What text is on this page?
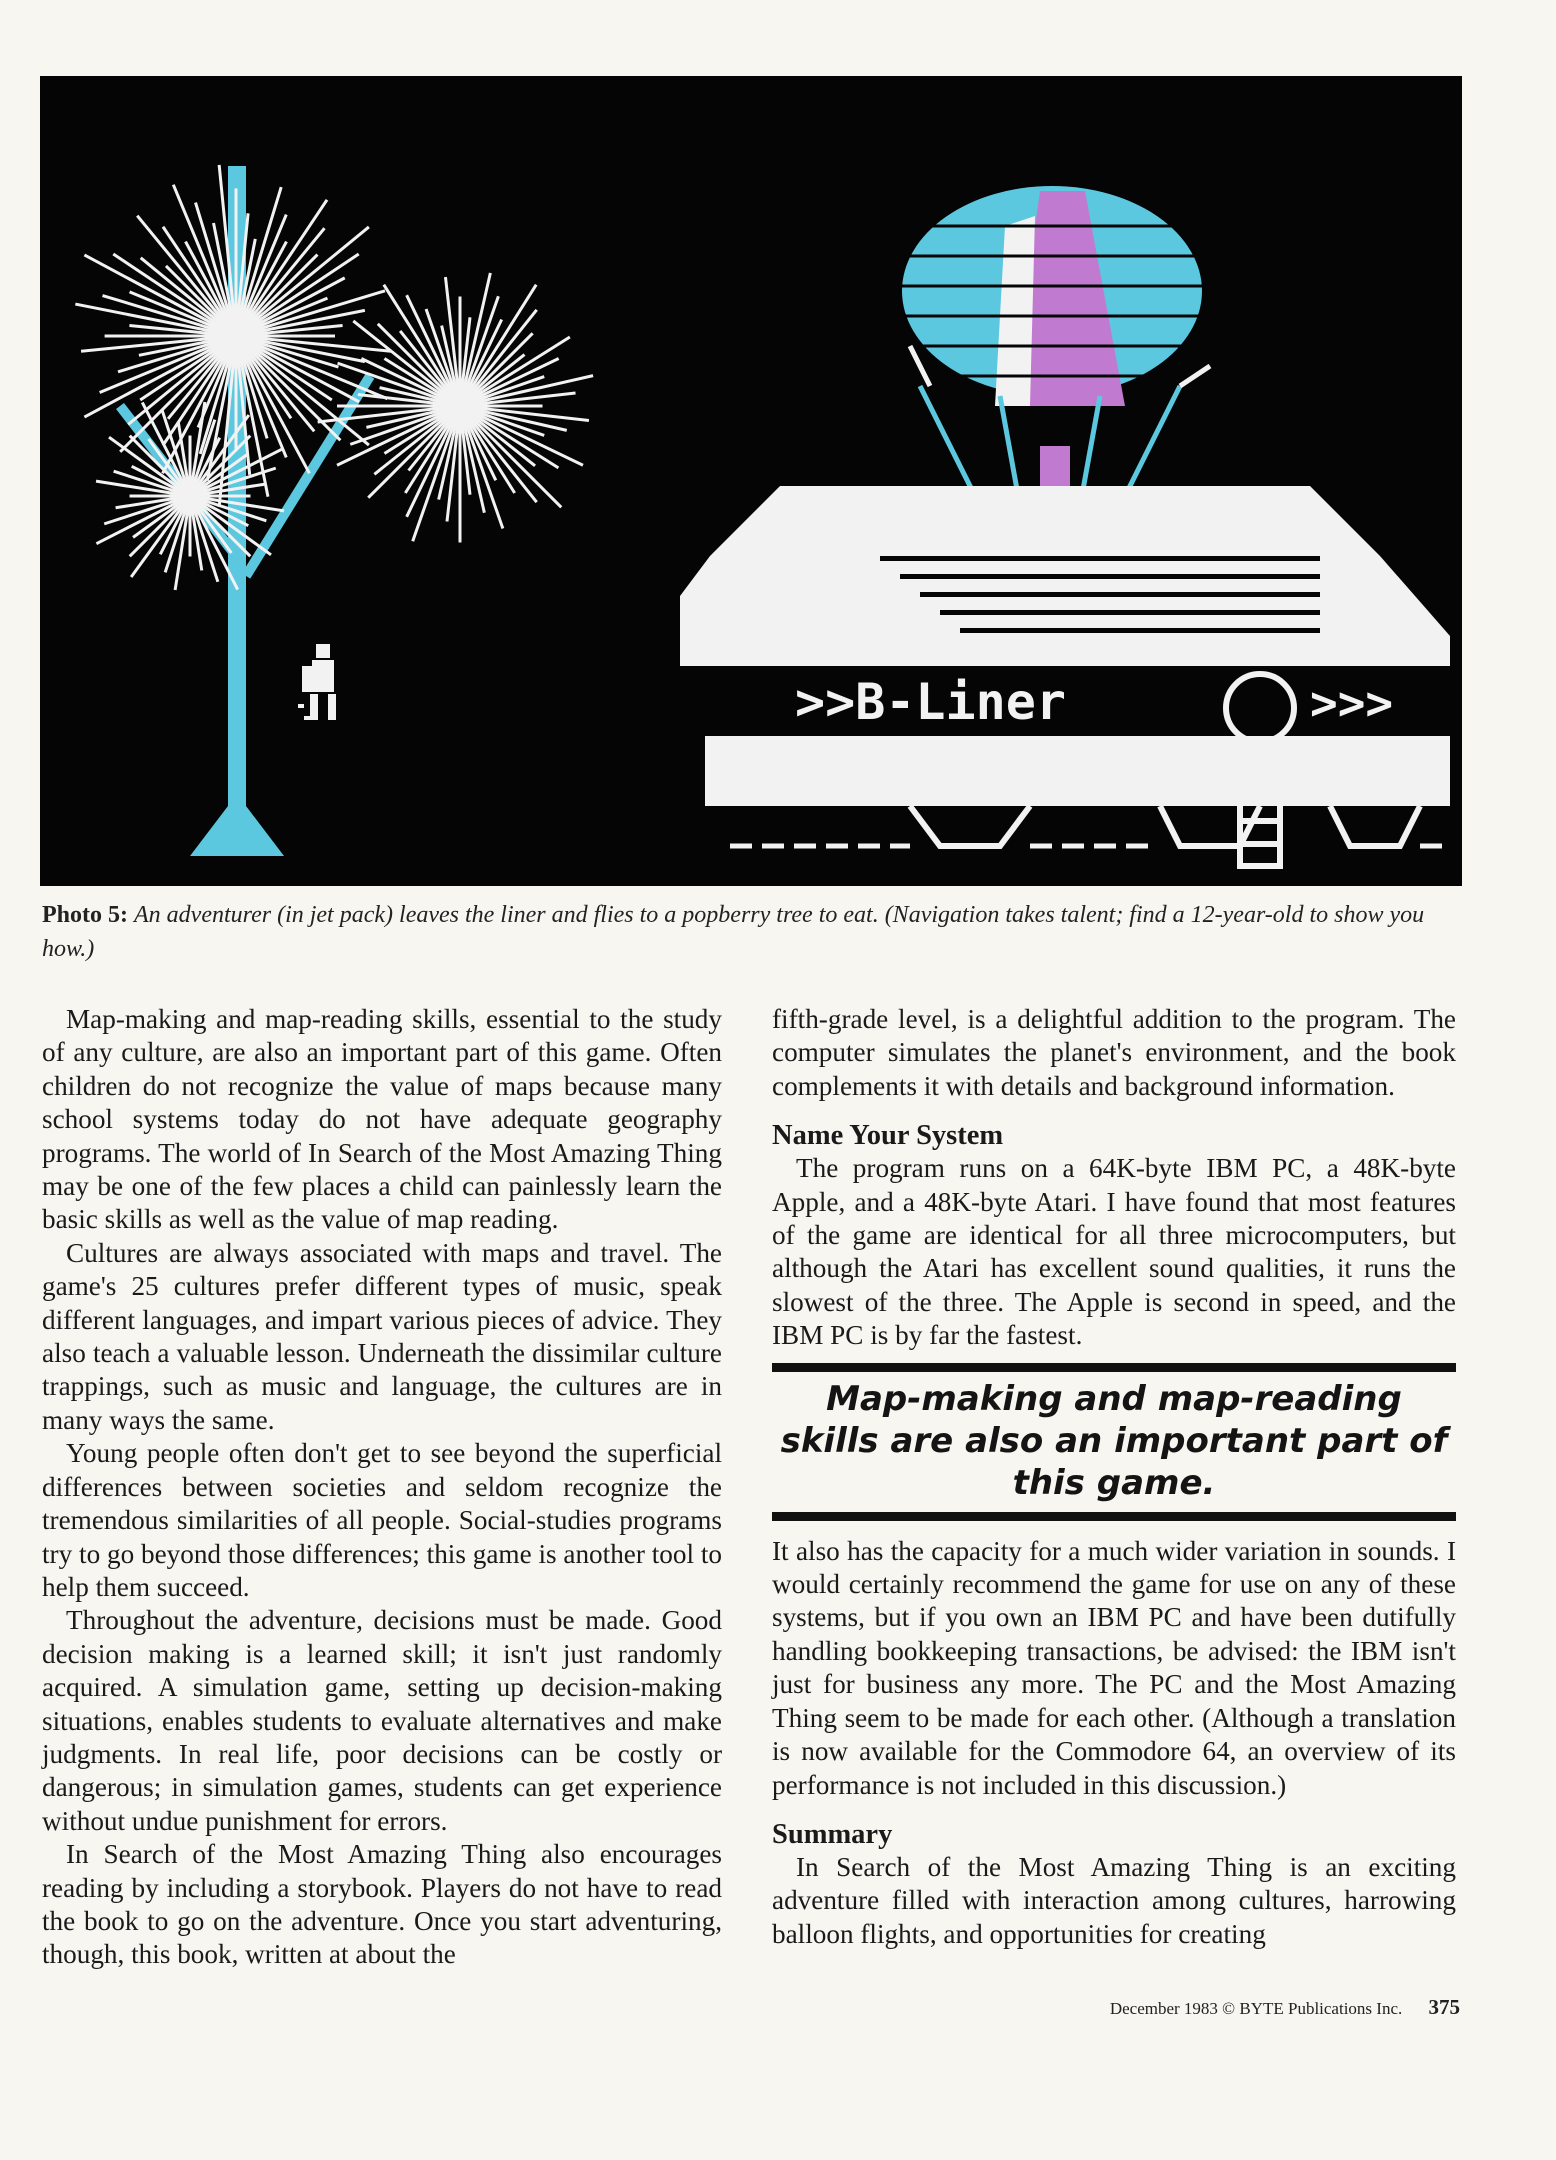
>>B-Liner	>>>
Photo 5: An adventurer (in jet pack) leaves the liner and flies to a popberry tree to eat. (Navigation takes talent; find a 12-year-old to show you how.)

Map-making and map-reading skills, essential to the study of any culture, are also an important part of this game. Often children do not recognize the value of maps because many school systems today do not have adequate geography programs. The world of In Search of the Most Amazing Thing may be one of the few places a child can painlessly learn the basic skills as well as the value of map reading.

Cultures are always associated with maps and travel. The game's 25 cultures prefer different types of music, speak different languages, and impart various pieces of advice. They also teach a valuable lesson. Underneath the dissimilar culture trappings, such as music and language, the cultures are in many ways the same.

Young people often don't get to see beyond the superficial differences between societies and seldom recognize the tremendous similarities of all people. Social-studies programs try to go beyond those differences; this game is another tool to help them succeed.

Throughout the adventure, decisions must be made. Good decision making is a learned skill; it isn't just randomly acquired. A simulation game, setting up decision-making situations, enables students to evaluate alternatives and make judgments. In real life, poor decisions can be costly or dangerous; in simulation games, students can get experience without undue punishment for errors.

In Search of the Most Amazing Thing also encourages reading by including a storybook. Players do not have to read the book to go on the adventure. Once you start adventuring, though, this book, written at about the

fifth-grade level, is a delightful addition to the program. The computer simulates the planet's environment, and the book complements it with details and background information.

Name Your System

The program runs on a 64K-byte IBM PC, a 48K-byte Apple, and a 48K-byte Atari. I have found that most features of the game are identical for all three microcomputers, but although the Atari has excellent sound qualities, it runs the slowest of the three. The Apple is second in speed, and the IBM PC is by far the fastest.

Map-making and map-reading skills are also an important part of this game.

It also has the capacity for a much wider variation in sounds. I would certainly recommend the game for use on any of these systems, but if you own an IBM PC and have been dutifully handling bookkeeping transactions, be advised: the IBM isn't just for business any more. The PC and the Most Amazing Thing seem to be made for each other. (Although a translation is now available for the Commodore 64, an overview of its performance is not included in this discussion.)

Summary

In Search of the Most Amazing Thing is an exciting adventure filled with interaction among cultures, harrowing balloon flights, and opportunities for creating

December 1983 © BYTE Publications Inc. 375
